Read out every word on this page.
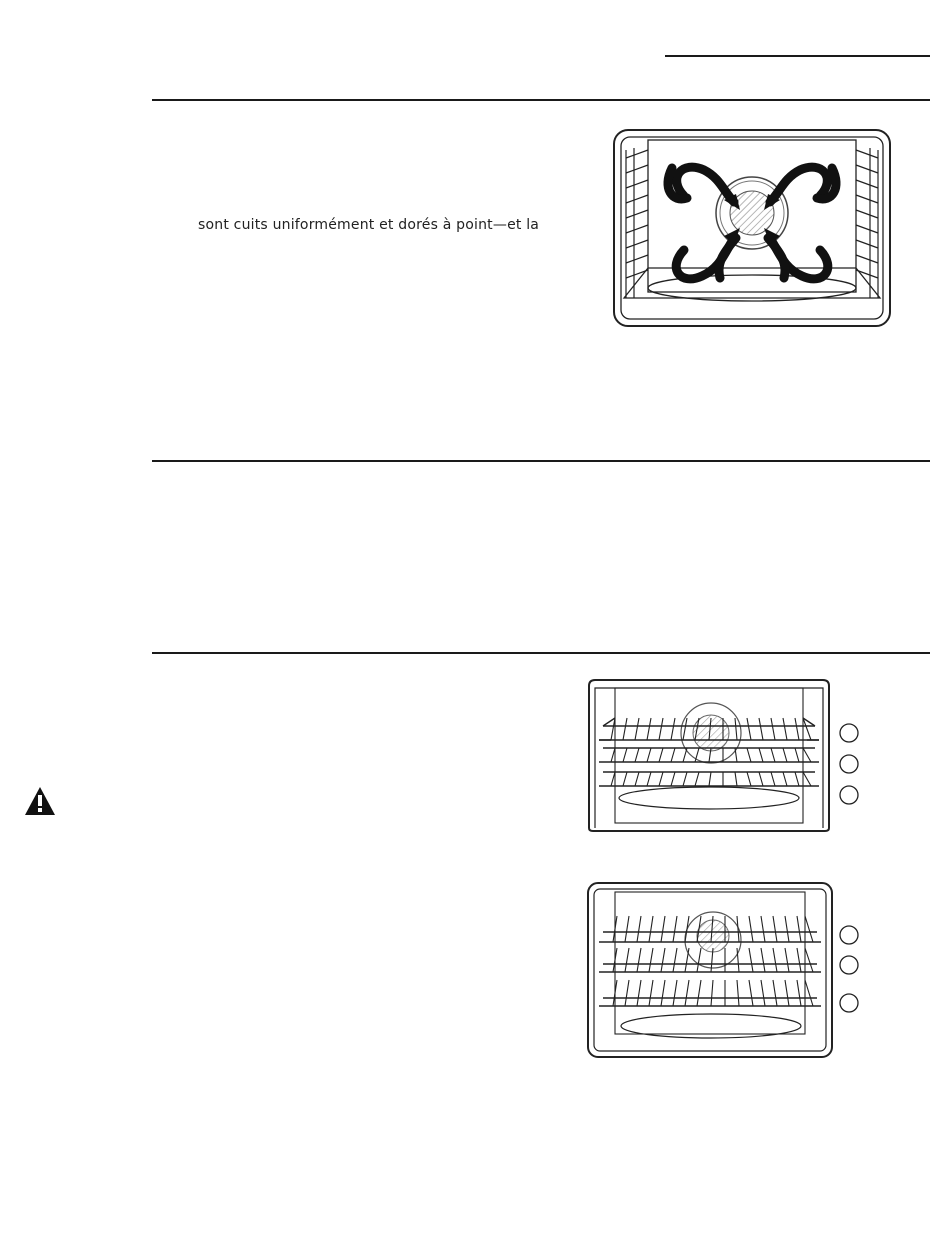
sont cuits uniformément et dorés à point—et la
